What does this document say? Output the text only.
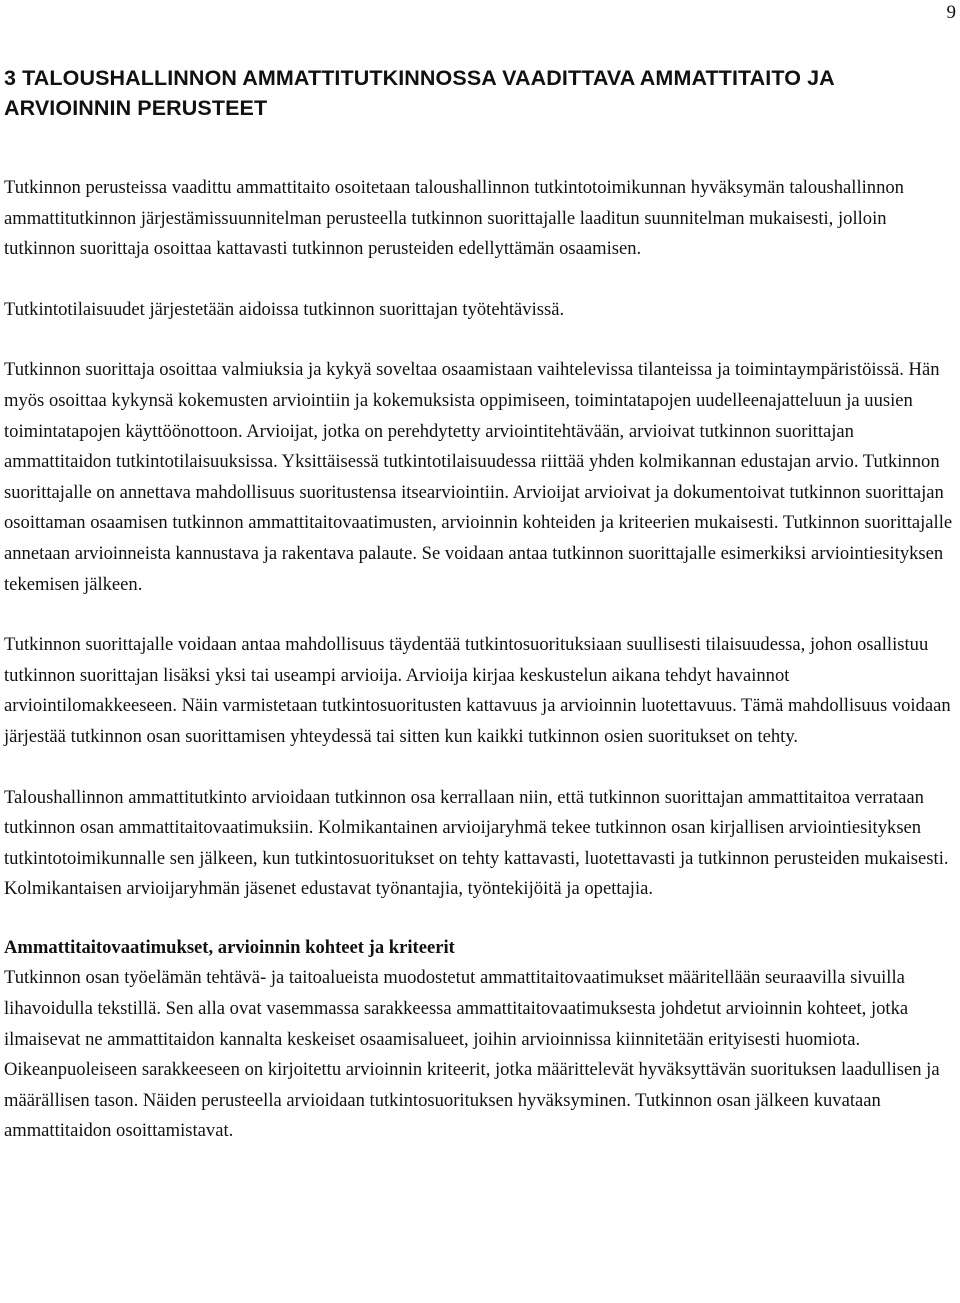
9
3 TALOUSHALLINNON AMMATTITUTKINNOSSA VAADITTAVA AMMATTITAITO JA ARVIOINNIN PERUSTEET

Tutkinnon perusteissa vaadittu ammattitaito osoitetaan taloushallinnon tutkintotoimikunnan hyväksymän taloushallinnon ammattitutkinnon järjestämissuunnitelman perusteella tutkinnon suorittajalle laaditun suunnitelman mukaisesti, jolloin tutkinnon suorittaja osoittaa kattavasti tutkinnon perusteiden edellyttämän osaamisen.

Tutkintotilaisuudet järjestetään aidoissa tutkinnon suorittajan työtehtävissä.

Tutkinnon suorittaja osoittaa valmiuksia ja kykyä soveltaa osaamistaan vaihtelevissa tilanteissa ja toimintaympäristöissä. Hän myös osoittaa kykynsä kokemusten arviointiin ja kokemuksista oppimiseen, toimintatapojen uudelleenajatteluun ja uusien toimintatapojen käyttöönottoon. Arvioijat, jotka on perehdytetty arviointitehtävään, arvioivat tutkinnon suorittajan ammattitaidon tutkintotilaisuuksissa. Yksittäisessä tutkintotilaisuudessa riittää yhden kolmikannan edustajan arvio. Tutkinnon suorittajalle on annettava mahdollisuus suoritustensa itsearviointiin. Arvioijat arvioivat ja dokumentoivat tutkinnon suorittajan osoittaman osaamisen tutkinnon ammattitaitovaatimusten, arvioinnin kohteiden ja kriteerien mukaisesti. Tutkinnon suorittajalle annetaan arvioinneista kannustava ja rakentava palaute. Se voidaan antaa tutkinnon suorittajalle esimerkiksi arviointiesityksen tekemisen jälkeen.

Tutkinnon suorittajalle voidaan antaa mahdollisuus täydentää tutkintosuorituksiaan suullisesti tilaisuudessa, johon osallistuu tutkinnon suorittajan lisäksi yksi tai useampi arvioija. Arvioija kirjaa keskustelun aikana tehdyt havainnot arviointilomakkeeseen. Näin varmistetaan tutkintosuoritusten kattavuus ja arvioinnin luotettavuus. Tämä mahdollisuus voidaan järjestää tutkinnon osan suorittamisen yhteydessä tai sitten kun kaikki tutkinnon osien suoritukset on tehty.

Taloushallinnon ammattitutkinto arvioidaan tutkinnon osa kerrallaan niin, että tutkinnon suorittajan ammattitaitoa verrataan tutkinnon osan ammattitaitovaatimuksiin. Kolmikantainen arvioijaryhmä tekee tutkinnon osan kirjallisen arviointiesityksen tutkintotoimikunnalle sen jälkeen, kun tutkintosuoritukset on tehty kattavasti, luotettavasti ja tutkinnon perusteiden mukaisesti. Kolmikantaisen arvioijaryhmän jäsenet edustavat työnantajia, työntekijöitä ja opettajia.

Ammattitaitovaatimukset, arvioinnin kohteet ja kriteerit

Tutkinnon osan työelämän tehtävä- ja taitoalueista muodostetut ammattitaitovaatimukset määritellään seuraavilla sivuilla lihavoidulla tekstillä. Sen alla ovat vasemmassa sarakkeessa ammattitaitovaatimuksesta johdetut arvioinnin kohteet, jotka ilmaisevat ne ammattitaidon kannalta keskeiset osaamisalueet, joihin arvioinnissa kiinnitetään erityisesti huomiota. Oikeanpuoleiseen sarakkeeseen on kirjoitettu arvioinnin kriteerit, jotka määrittelevät hyväksyttävän suorituksen laadullisen ja määrällisen tason. Näiden perusteella arvioidaan tutkintosuorituksen hyväksyminen. Tutkinnon osan jälkeen kuvataan ammattitaidon osoittamistavat.
